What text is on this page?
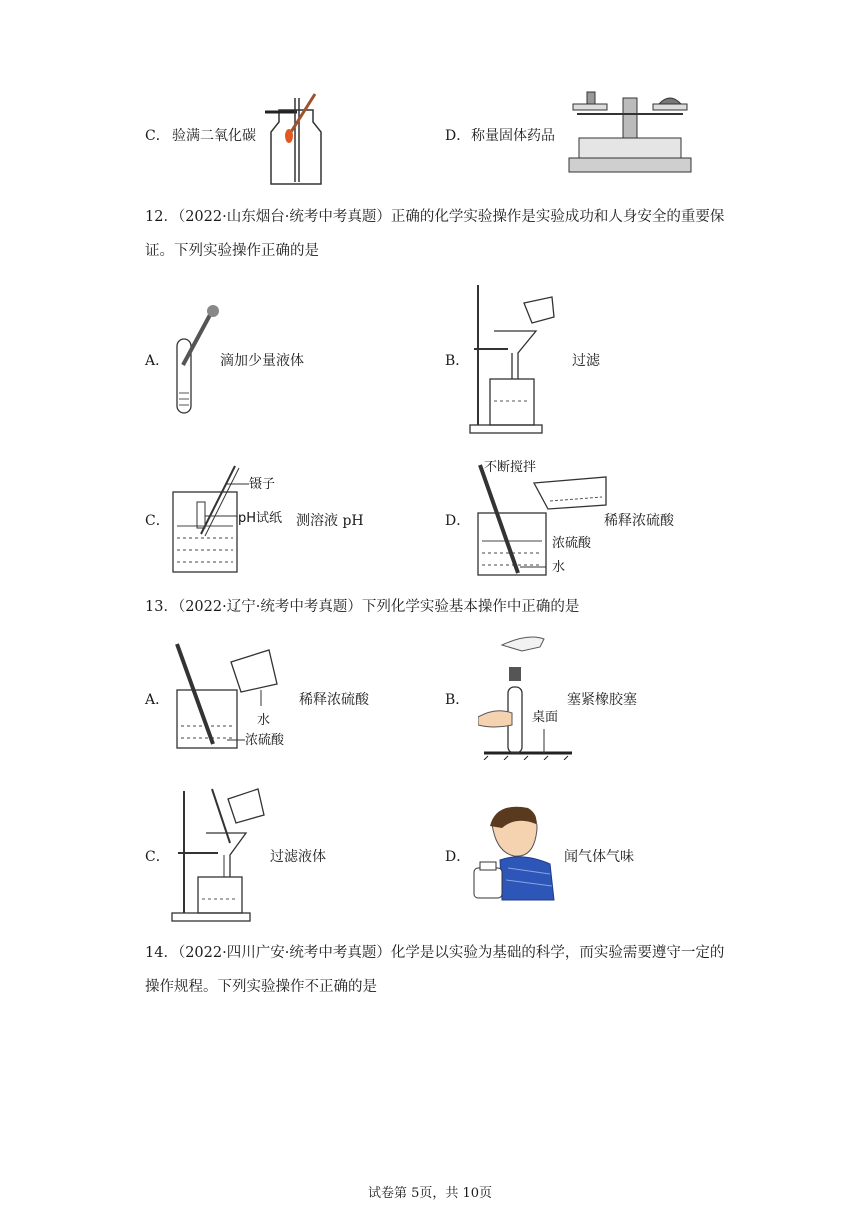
C． 验满二氧化碳	D． 称量固体药品
12．（2022·山东烟台·统考中考真题）正确的化学实验操作是实验成功和人身安全的重要保证。下列实验操作正确的是
A．	滴加少量液体	B．	过滤
C．
镊子
pH试纸 测溶液 pH	D．
不断搅拌
浓硫酸
水
稀释浓硫酸
13．（2022·辽宁·统考中考真题）下列化学实验基本操作中正确的是
A．
水
浓硫酸
稀释浓硫酸	B．
桌面
塞紧橡胶塞
C．	过滤液体	D．	闻气体气味
14．（2022·四川广安·统考中考真题）化学是以实验为基础的科学，而实验需要遵守一定的操作规程。下列实验操作不正确的是
试卷第 5页，共 10页
